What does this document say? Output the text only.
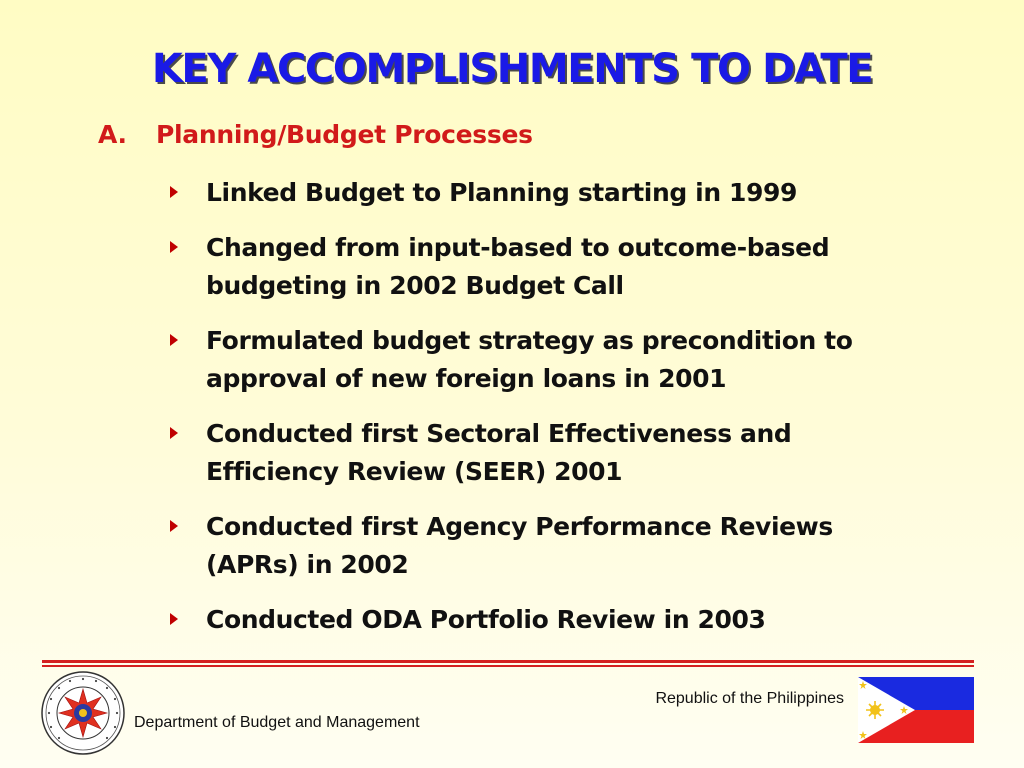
KEY ACCOMPLISHMENTS TO DATE
A. Planning/Budget Processes
Linked Budget to Planning starting in 1999
Changed from input-based to outcome-based budgeting in 2002 Budget Call
Formulated budget strategy as precondition to approval of new foreign loans in 2001
Conducted first Sectoral Effectiveness and Efficiency Review (SEER) 2001
Conducted first Agency Performance Reviews (APRs) in 2002
Conducted ODA Portfolio Review in 2003
Department of Budget and Management
Republic of the Philippines
